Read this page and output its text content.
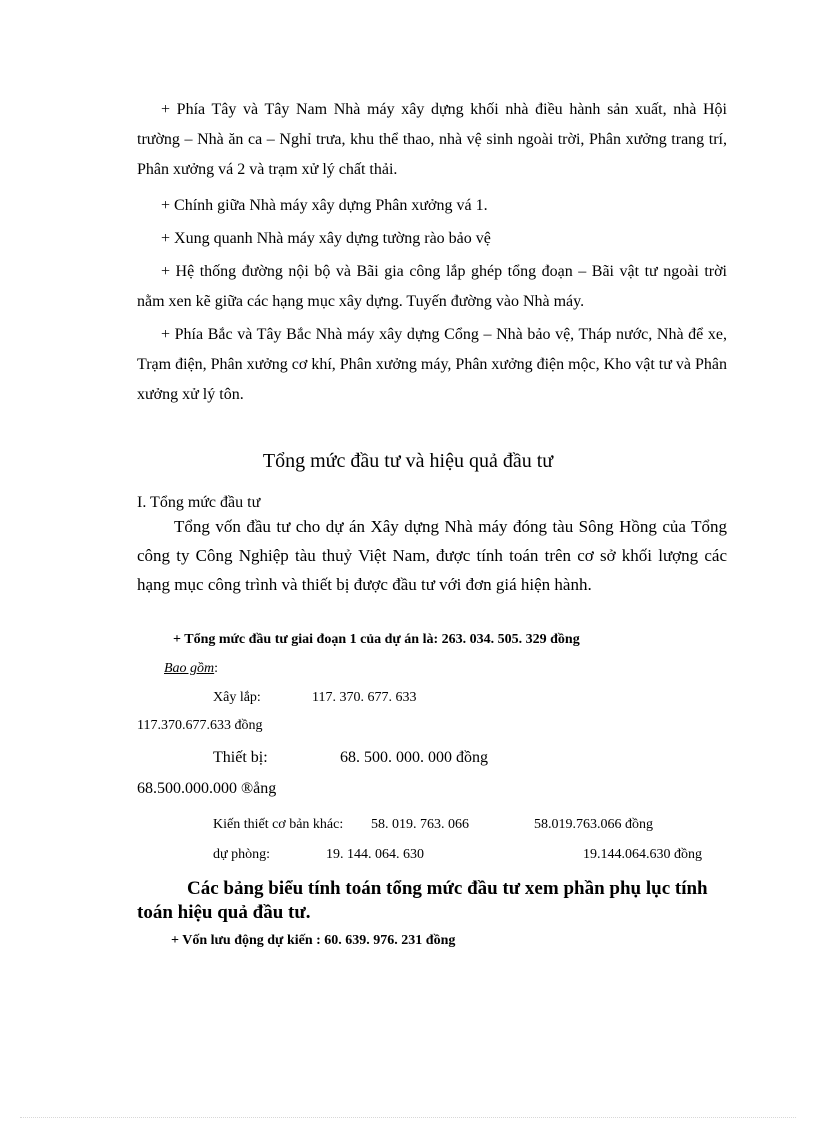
+ Phía Tây và Tây Nam Nhà máy xây dựng khối nhà điều hành sản xuất, nhà Hội trường – Nhà ăn ca – Nghỉ trưa, khu thể thao, nhà vệ sinh ngoài trời, Phân xưởng trang trí, Phân xưởng vá 2 và trạm xử lý chất thải.

+ Chính giữa Nhà máy xây dựng Phân xưởng vá 1.

+ Xung quanh Nhà máy xây dựng tường rào bảo vệ

+ Hệ thống đường nội bộ và Bãi gia công lắp ghép tổng đoạn – Bãi vật tư ngoài trời nằm xen kẽ giữa các hạng mục xây dựng. Tuyến đường vào Nhà máy.

+ Phía Bắc và Tây Bắc Nhà máy xây dựng Cổng – Nhà bảo vệ, Tháp nước, Nhà để xe, Trạm điện, Phân xưởng cơ khí, Phân xưởng máy, Phân xưởng điện mộc, Kho vật tư và Phân xưởng xử lý tôn.

Tổng mức đầu tư và hiệu quả đầu tư
I. Tổng mức đầu tư

Tổng vốn đầu tư cho dự án Xây dựng Nhà máy đóng tàu Sông Hồng của Tổng công ty Công Nghiệp tàu thuỷ Việt Nam, được tính toán trên cơ sở khối lượng các hạng mục công trình và thiết bị được đầu tư với đơn giá hiện hành.

+ Tổng mức đầu tư giai đoạn 1 của dự án là: 263. 034. 505. 329 đồng
Bao gồm:
Xây lắp:	117. 370. 677. 633
117.370.677.633 đồng
Thiết bị:	68. 500. 000. 000 đồng
68.500.000.000 ®ång
Kiến thiết cơ bản khác: 58. 019. 763. 066	58.019.763.066 đồng
dự phòng:	19. 144. 064. 630	19.144.064.630 đồng

Các bảng biểu tính toán tổng mức đầu tư xem phần phụ lục tính toán hiệu quả đầu tư.

+ Vốn lưu động dự kiến : 60. 639. 976. 231 đồng
